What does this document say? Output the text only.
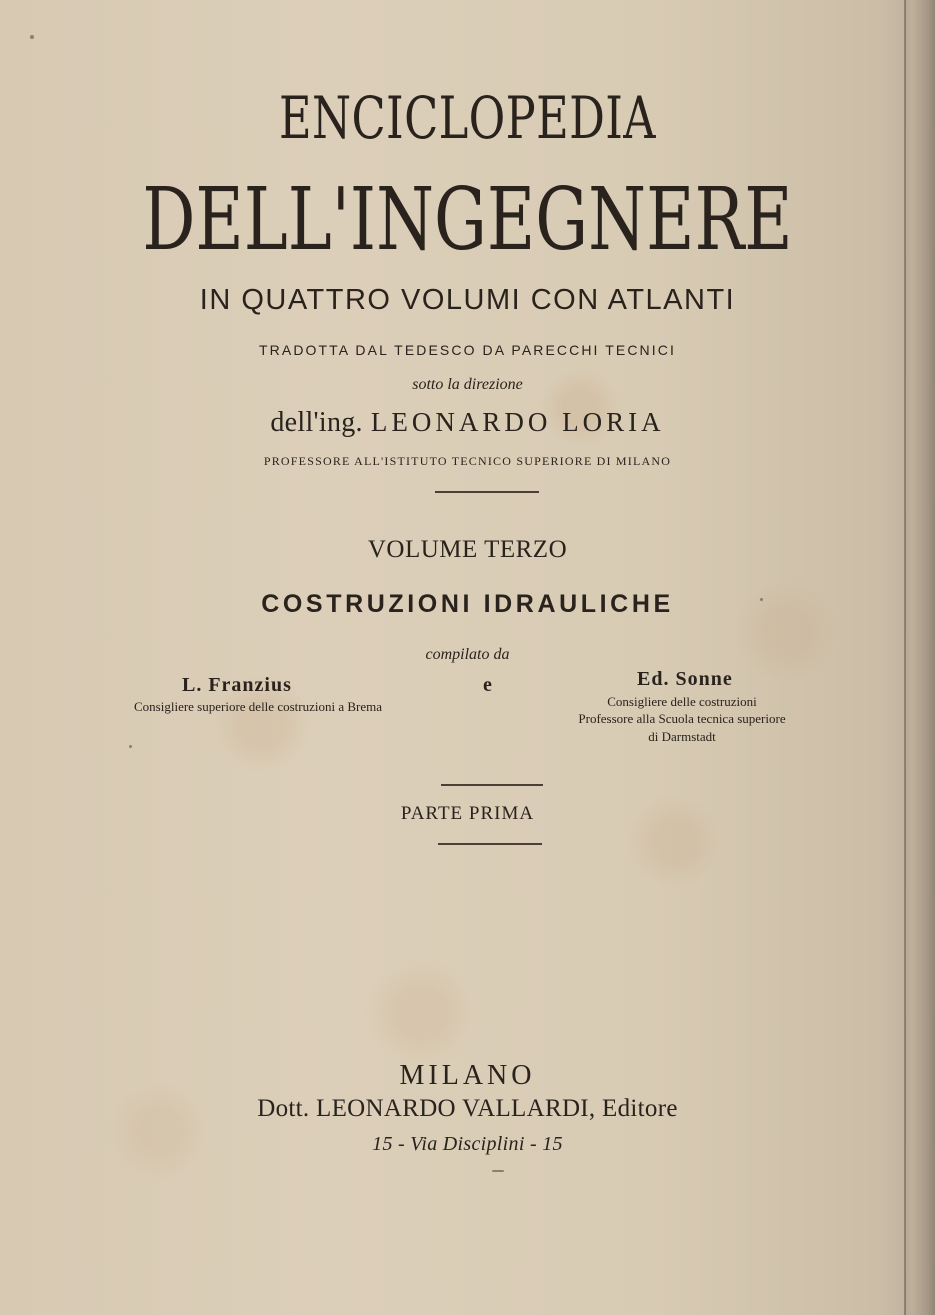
ENCICLOPEDIA
DELL'INGEGNERE
IN QUATTRO VOLUMI CON ATLANTI
TRADOTTA DAL TEDESCO DA PARECCHI TECNICI
sotto la direzione
dell'ing. LEONARDO LORIA
PROFESSORE ALL'ISTITUTO TECNICO SUPERIORE DI MILANO
VOLUME TERZO
COSTRUZIONI IDRAULICHE
compilato da
L. Franzius
Consigliere superiore delle costruzioni a Brema
e	Ed. Sonne
Consigliere delle costruzioni
Professore alla Scuola tecnica superiore
di Darmstadt
PARTE PRIMA
MILANO
Dott. LEONARDO VALLARDI, Editore
15 - Via Disciplini - 15
